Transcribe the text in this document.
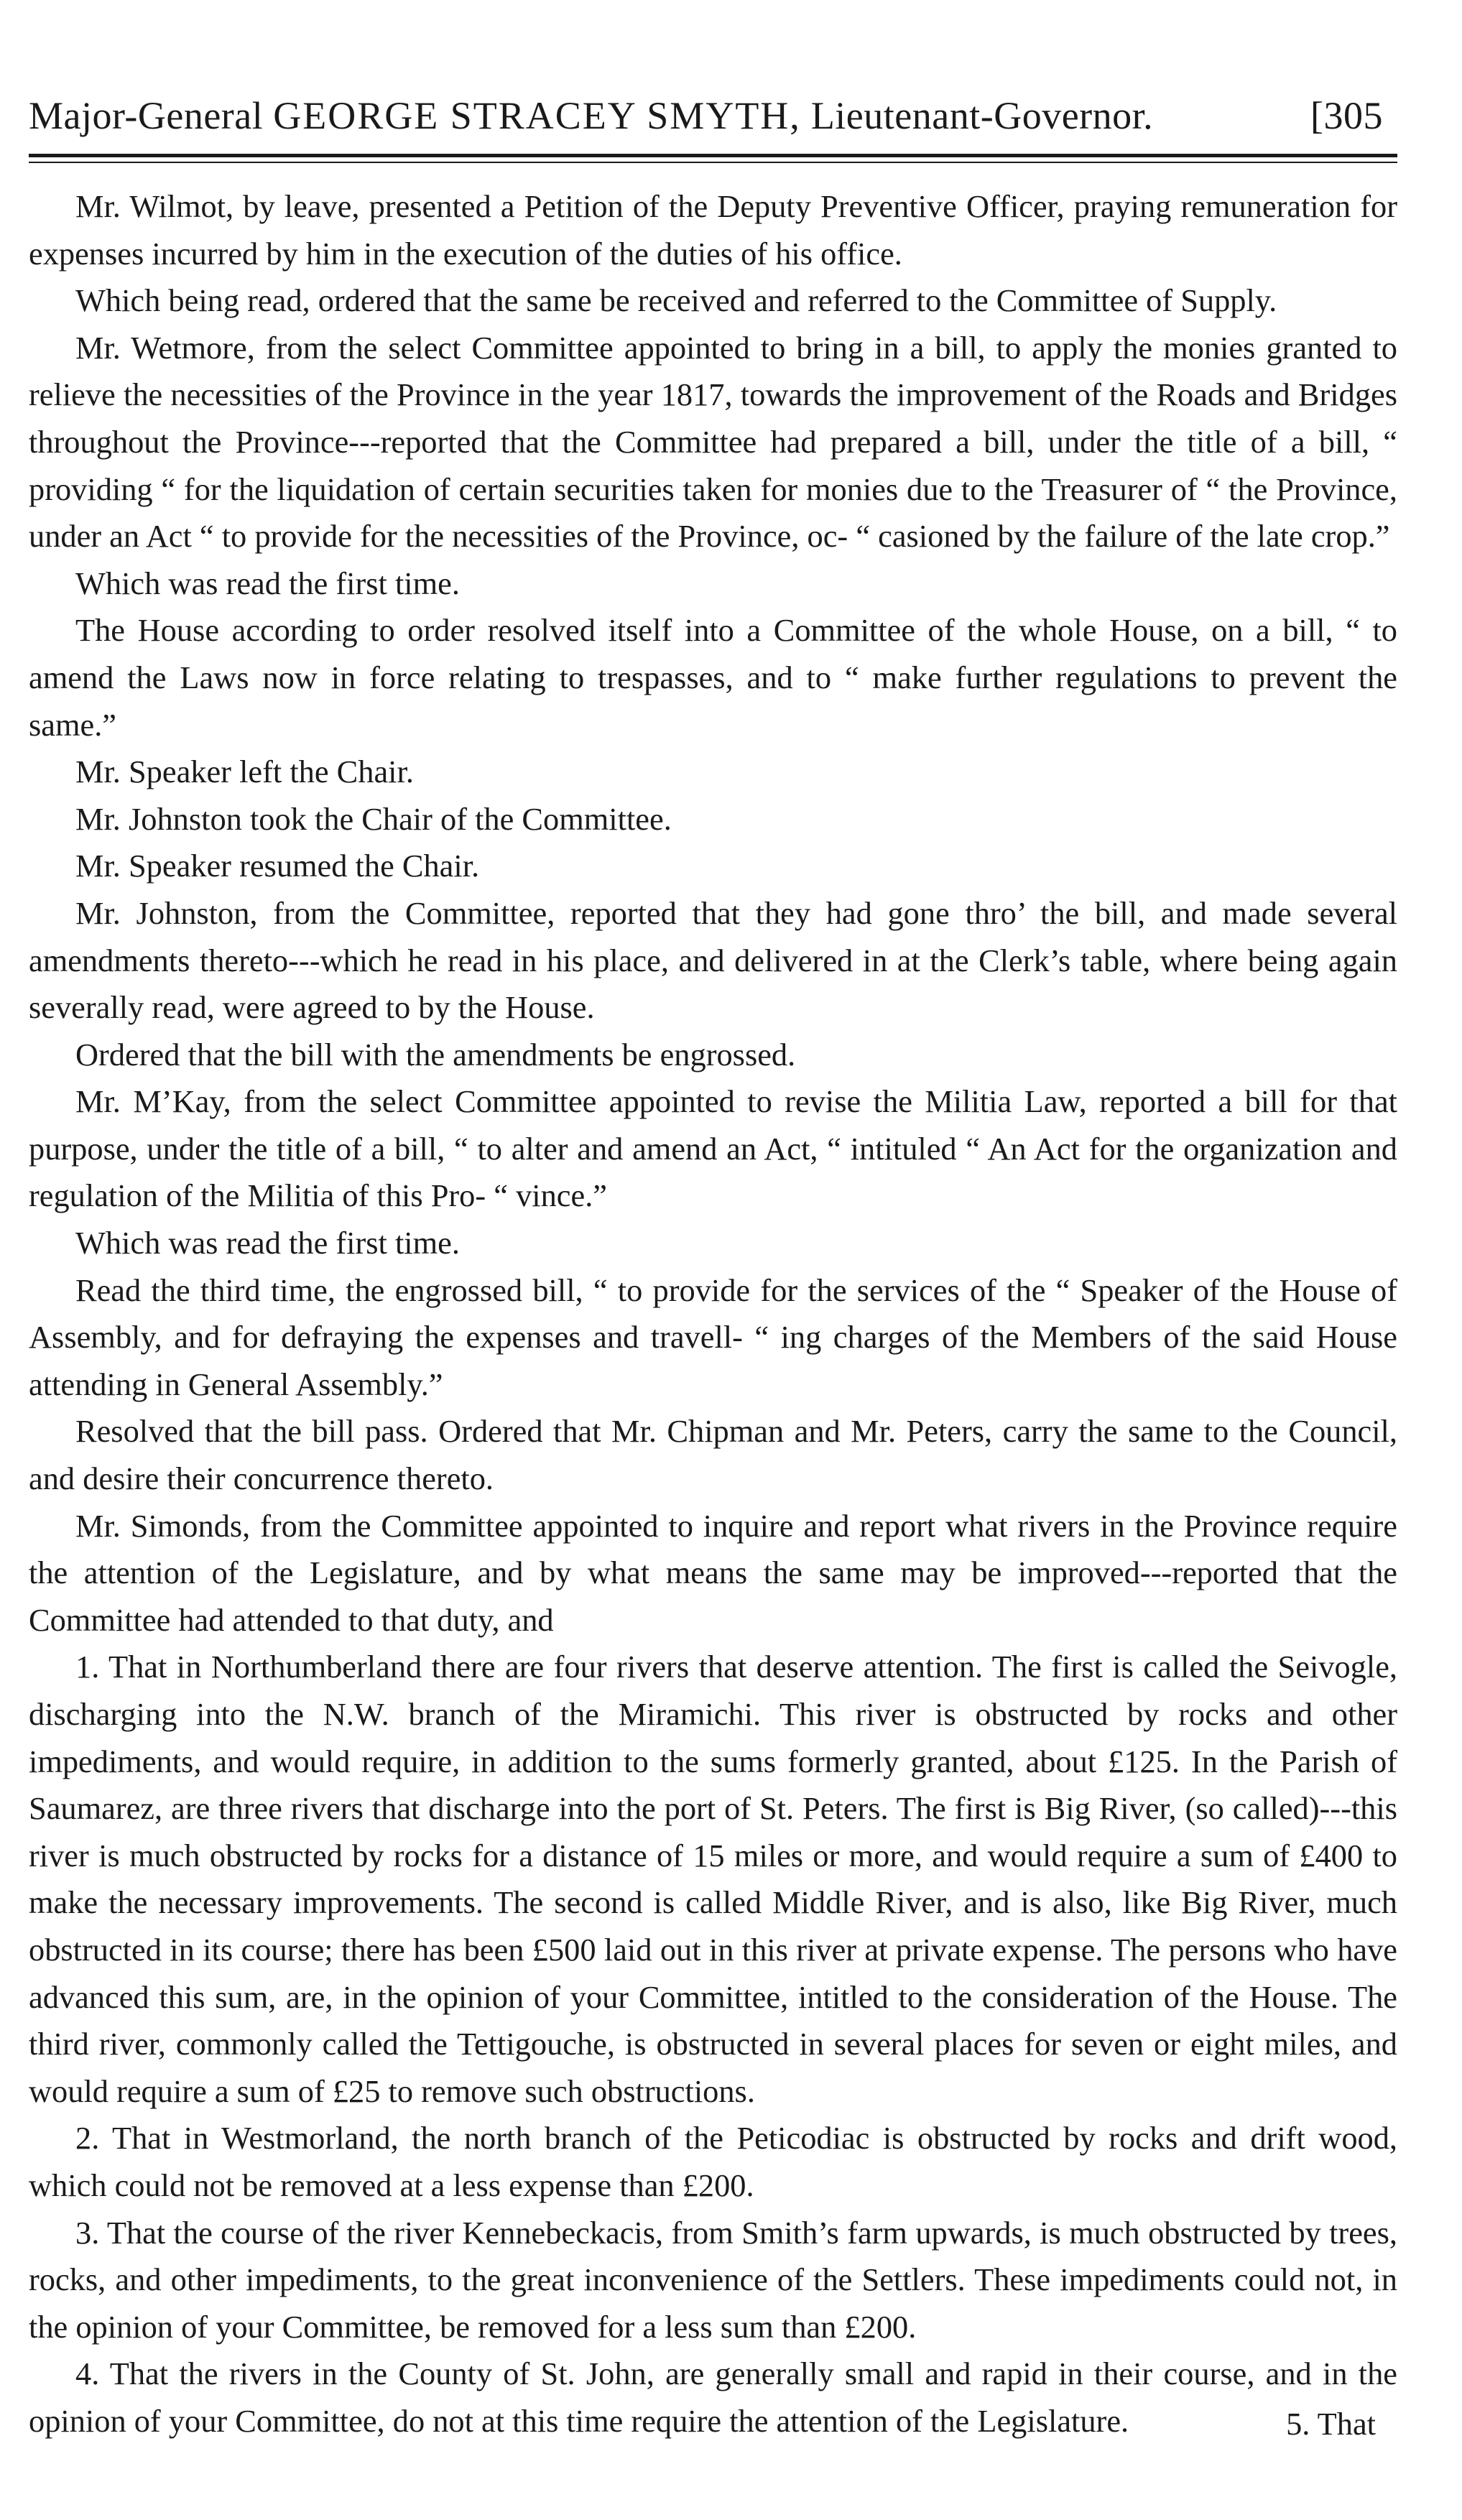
Major-General GEORGE STRACEY SMYTH, Lieutenant-Governor.	[305

Mr. Wilmot, by leave, presented a Petition of the Deputy Preventive Officer, praying remuneration for expenses incurred by him in the execution of the duties of his office.

Which being read, ordered that the same be received and referred to the Committee of Supply.

Mr. Wetmore, from the select Committee appointed to bring in a bill, to apply the monies granted to relieve the necessities of the Province in the year 1817, towards the improvement of the Roads and Bridges throughout the Province---reported that the Committee had prepared a bill, under the title of a bill, “ providing “ for the liquidation of certain securities taken for monies due to the Treasurer of “ the Province, under an Act “ to provide for the necessities of the Province, oc- “ casioned by the failure of the late crop.”

Which was read the first time.

The House according to order resolved itself into a Committee of the whole House, on a bill, “ to amend the Laws now in force relating to trespasses, and to “ make further regulations to prevent the same.”

Mr. Speaker left the Chair.

Mr. Johnston took the Chair of the Committee.

Mr. Speaker resumed the Chair.

Mr. Johnston, from the Committee, reported that they had gone thro’ the bill, and made several amendments thereto---which he read in his place, and delivered in at the Clerk’s table, where being again severally read, were agreed to by the House.

Ordered that the bill with the amendments be engrossed.

Mr. M’Kay, from the select Committee appointed to revise the Militia Law, reported a bill for that purpose, under the title of a bill, “ to alter and amend an Act, “ intituled “ An Act for the organization and regulation of the Militia of this Pro- “ vince.”

Which was read the first time.

Read the third time, the engrossed bill, “ to provide for the services of the “ Speaker of the House of Assembly, and for defraying the expenses and travell- “ ing charges of the Members of the said House attending in General Assembly.”

Resolved that the bill pass. Ordered that Mr. Chipman and Mr. Peters, carry the same to the Council, and desire their concurrence thereto.

Mr. Simonds, from the Committee appointed to inquire and report what rivers in the Province require the attention of the Legislature, and by what means the same may be improved---reported that the Committee had attended to that duty, and

1. That in Northumberland there are four rivers that deserve attention. The first is called the Seivogle, discharging into the N.W. branch of the Miramichi. This river is obstructed by rocks and other impediments, and would require, in addition to the sums formerly granted, about £125. In the Parish of Saumarez, are three rivers that discharge into the port of St. Peters. The first is Big River, (so called)---this river is much obstructed by rocks for a distance of 15 miles or more, and would require a sum of £400 to make the necessary improvements. The second is called Middle River, and is also, like Big River, much obstructed in its course; there has been £500 laid out in this river at private expense. The persons who have advanced this sum, are, in the opinion of your Committee, intitled to the consideration of the House. The third river, commonly called the Tettigouche, is obstructed in several places for seven or eight miles, and would require a sum of £25 to remove such obstructions.

2. That in Westmorland, the north branch of the Peticodiac is obstructed by rocks and drift wood, which could not be removed at a less expense than £200.

3. That the course of the river Kennebeckacis, from Smith’s farm upwards, is much obstructed by trees, rocks, and other impediments, to the great inconvenience of the Settlers. These impediments could not, in the opinion of your Committee, be removed for a less sum than £200.

4. That the rivers in the County of St. John, are generally small and rapid in their course, and in the opinion of your Committee, do not at this time require the attention of the Legislature.	5. That
